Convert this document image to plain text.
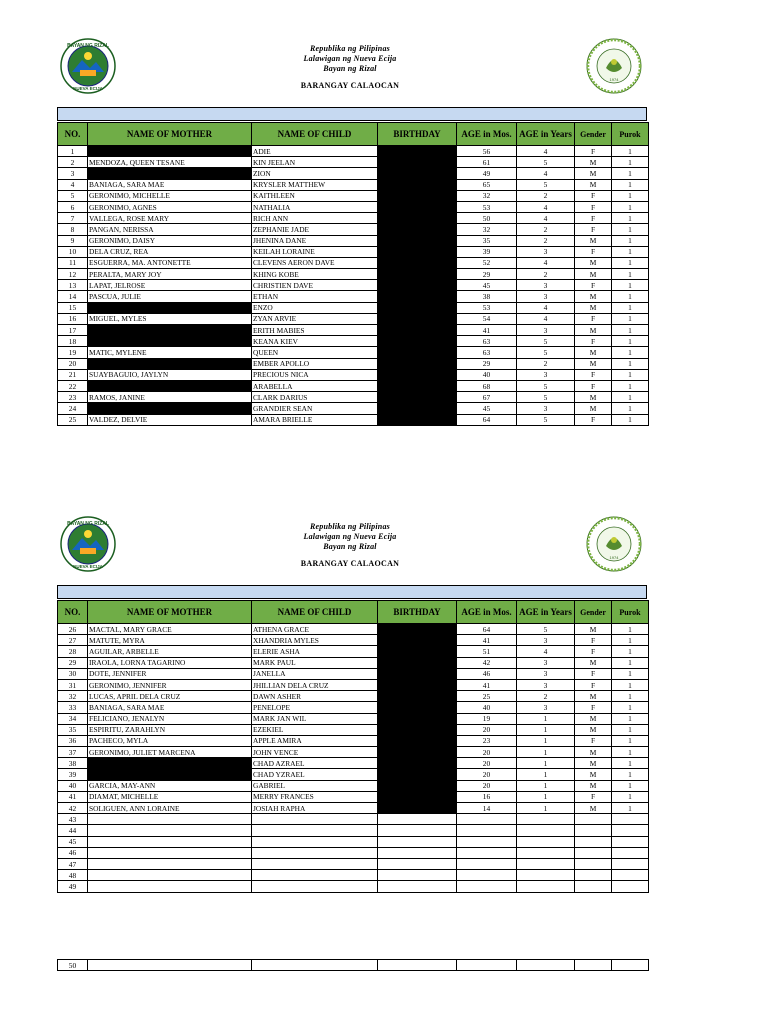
BAYAN NG RIZAL
NUEVA ECIJA
Republika ng Pilipinas
Lalawigan ng Nueva Ecija
Bayan ng Rizal
BARANGAY CALAOCAN
1974
NO.	NAME OF MOTHER	NAME OF CHILD	BIRTHDAY	AGE in Mos.	AGE in Years	Gender	Purok
1		ADIE		56	4	F	1
2	MENDOZA, QUEEN TESANE	KIN JEELAN		61	5	M	1
3		ZION		49	4	M	1
4	BANIAGA, SARA MAE	KRYSLER MATTHEW		65	5	M	1
5	GERONIMO, MICHELLE	KAITHLEEN		32	2	F	1
6	GERONIMO, AGNES	NATHALIA		53	4	F	1
7	VALLEGA, ROSE MARY	RICH ANN		50	4	F	1
8	PANGAN, NERISSA	ZEPHANIE JADE		32	2	F	1
9	GERONIMO, DAISY	JHENINA DANE		35	2	M	1
10	DELA CRUZ, REA	KEILAH LORAINE		39	3	F	1
11	ESGUERRA, MA. ANTONETTE	CLEVENS AERON DAVE		52	4	M	1
12	PERALTA, MARY JOY	KHING KOBE		29	2	M	1
13	LAPAT, JELROSE	CHRISTIEN DAVE		45	3	F	1
14	PASCUA, JULIE	ETHAN		38	3	M	1
15		ENZO		53	4	M	1
16	MIGUEL, MYLES	ZYAN ARVIE		54	4	F	1
17		ERITH MABIES		41	3	M	1
18		KEANA KIEV		63	5	F	1
19	MATIC, MYLENE	QUEEN		63	5	M	1
20		EMBER APOLLO		29	2	M	1
21	SUAYBAGUIO, JAYLYN	PRECIOUS NICA		40	3	F	1
22		ARABELLA		68	5	F	1
23	RAMOS, JANINE	CLARK DARIUS		67	5	M	1
24		GRANDIER SEAN		45	3	M	1
25	VALDEZ, DELVIE	AMARA BRIELLE		64	5	F	1
BAYAN NG RIZAL
NUEVA ECIJA
Republika ng Pilipinas
Lalawigan ng Nueva Ecija
Bayan ng Rizal
BARANGAY CALAOCAN
1974
NO.	NAME OF MOTHER	NAME OF CHILD	BIRTHDAY	AGE in Mos.	AGE in Years	Gender	Purok
26	MACTAL, MARY GRACE	ATHENA GRACE		64	5	M	1
27	MATUTE, MYRA	XHANDRIA MYLES		41	3	F	1
28	AGUILAR, ARBELLE	ELERIE ASHA		51	4	F	1
29	IRAOLA, LORNA TAGARINO	MARK PAUL		42	3	M	1
30	DOTE, JENNIFER	JANELLA		46	3	F	1
31	GERONIMO, JENNIFER	JHILLIAN DELA CRUZ		41	3	F	1
32	LUCAS, APRIL DELA CRUZ	DAWN ASHER		25	2	M	1
33	BANIAGA, SARA MAE	PENELOPE		40	3	F	1
34	FELICIANO, JENALYN	MARK JAN WIL		19	1	M	1
35	ESPIRITU, ZARAHLYN	EZEKIEL		20	1	M	1
36	PACHECO, MYLA	APPLE AMIRA		23	1	F	1
37	GERONIMO, JULIET MARCENA	JOHN VENCE		20	1	M	1
38		CHAD AZRAEL		20	1	M	1
39		CHAD YZRAEL		20	1	M	1
40	GARCIA, MAY-ANN	GABRIEL		20	1	M	1
41	DIAMAT, MICHELLE	MERRY FRANCES		16	1	F	1
42	SOLIGUEN, ANN LORAINE	JOSIAH RAPHA		14	1	M	1
43							
44							
45							
46							
47							
48							
49							
50							
